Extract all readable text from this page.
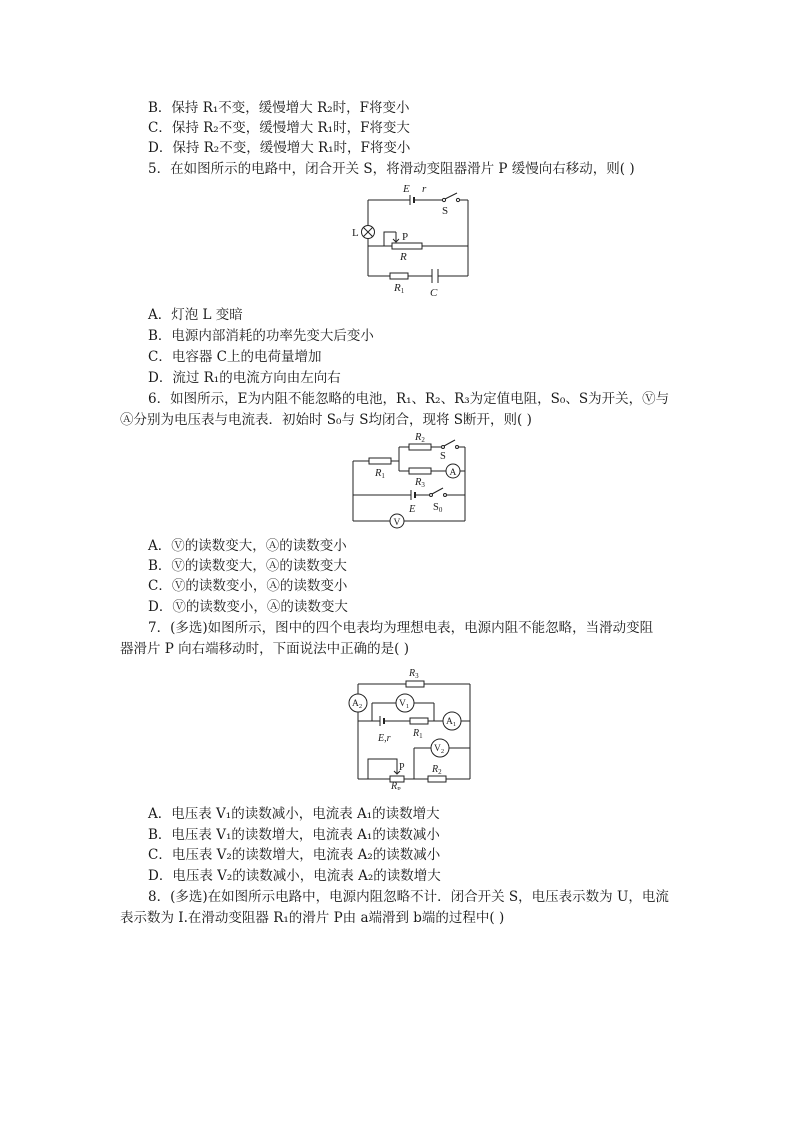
B．保持 R₁不变，缓慢增大 R₂时，F将变小
C．保持 R₂不变，缓慢增大 R₁时，F将变大
D．保持 R₂不变，缓慢增大 R₁时，F将变小
5．在如图所示的电路中，闭合开关 S，将滑动变阻器滑片 P 缓慢向右移动，则( )
E r
S
L	P
R
R1 C
A．灯泡 L 变暗
B．电源内部消耗的功率先变大后变小
C．电容器 C上的电荷量增加
D．流过 R₁的电流方向由左向右
6．如图所示，E为内阻不能忽略的电池，R₁、R₂、R₃为定值电阻，S₀、S为开关，Ⓥ与
Ⓐ分别为电压表与电流表．初始时 S₀与 S均闭合，现将 S断开，则( )
R2
S
R1
R3
A
E S0
V
A．Ⓥ的读数变大，Ⓐ的读数变小
B．Ⓥ的读数变大，Ⓐ的读数变大
C．Ⓥ的读数变小，Ⓐ的读数变小
D．Ⓥ的读数变小，Ⓐ的读数变大
7．(多选)如图所示，图中的四个电表均为理想电表，电源内阻不能忽略，当滑动变阻
器滑片 P 向右端移动时，下面说法中正确的是( )
$R_3$
$A_2$	$V_1$
$A_1$
E,r $R_1$
$V_2$
P	$R_2$
$R_P$
A．电压表 V₁的读数减小，电流表 A₁的读数增大
B．电压表 V₁的读数增大，电流表 A₁的读数减小
C．电压表 V₂的读数增大，电流表 A₂的读数减小
D．电压表 V₂的读数减小，电流表 A₂的读数增大
8．(多选)在如图所示电路中，电源内阻忽略不计．闭合开关 S，电压表示数为 U，电流
表示数为 I.在滑动变阻器 R₁的滑片 P由 a端滑到 b端的过程中( )
